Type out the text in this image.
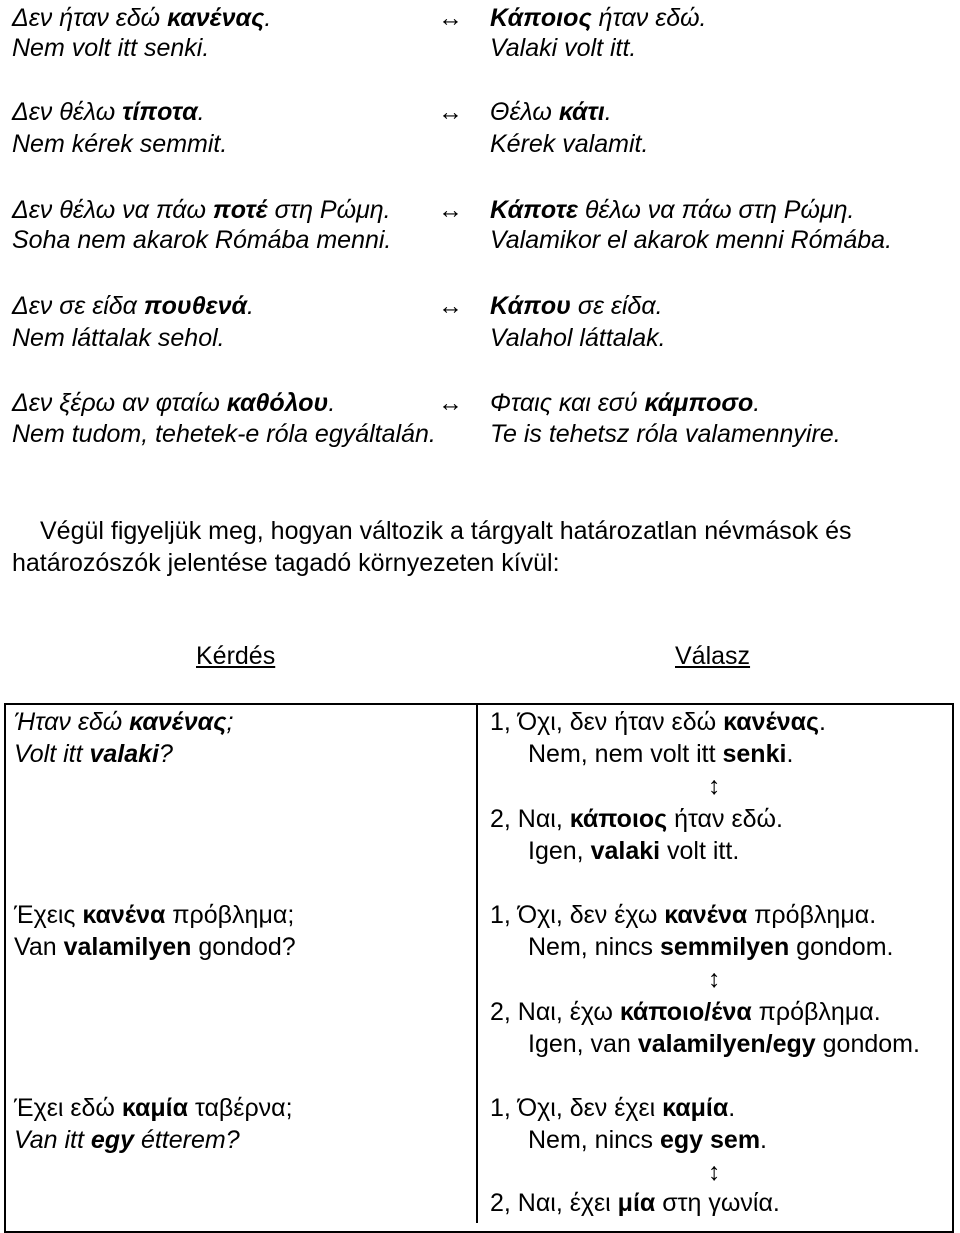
Δεν ήταν εδώ κανένας.
Nem volt itt senki.
↔ Κάποιος ήταν εδώ.
Valaki volt itt.
Δεν θέλω τίποτα.
Nem kérek semmit.
↔ Θέλω κάτι.
Kérek valamit.
Δεν θέλω να πάω ποτέ στη Ρώμη.
Soha nem akarok Rómába menni.
↔ Κάποτε θέλω να πάω στη Ρώμη.
Valamikor el akarok menni Rómába.
Δεν σε είδα πουθενά.
Nem láttalak sehol.
↔ Κάπου σε είδα.
Valahol láttalak.
Δεν ξέρω αν φταίω καθόλου.
Nem tudom, tehetek-e róla egyáltalán.
↔ Φταις και εσύ κάμποσο.
Te is tehetsz róla valamennyire.
Végül figyeljük meg, hogyan változik a tárgyalt határozatlan névmások és
határozószók jelentése tagadó környezeten kívül:
Kérdés	Válasz
Ήταν εδώ κανένας;
Volt itt valaki?
1, Όχι, δεν ήταν εδώ κανένας.
Nem, nem volt itt senki.
↕
2, Ναι, κάποιος ήταν εδώ.
Igen, valaki volt itt.
Έχεις κανένα πρόβλημα;
Van valamilyen gondod?
1, Όχι, δεν έχω κανένα πρόβλημα.
Nem, nincs semmilyen gondom.
↕
2, Ναι, έχω κάποιο/ένα πρόβλημα.
Igen, van valamilyen/egy gondom.
Έχει εδώ καμία ταβέρνα;
Van itt egy étterem?
1, Όχι, δεν έχει καμία.
Nem, nincs egy sem.
↕
2, Ναι, έχει μία στη γωνία.
